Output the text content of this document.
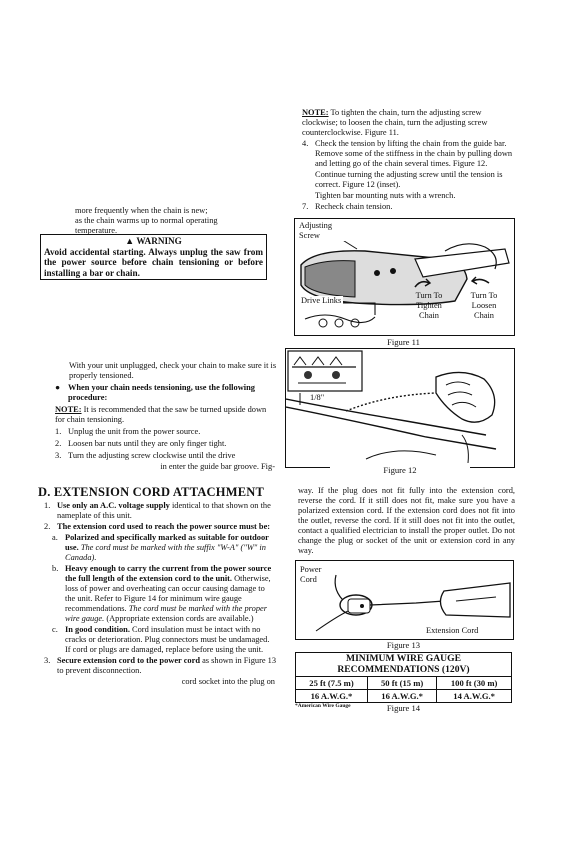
more frequently when the chain is new;
as the chain warms up to normal operating
temperature.
▲ WARNING
Avoid accidental starting. Always unplug the saw from the power source before chain tensioning or before installing a bar or chain.

With your unit unplugged, check your chain to make sure it is properly tensioned.

● When your chain needs tensioning, use the following procedure:

NOTE: It is recommended that the saw be turned upside down for chain tensioning.

1. Unplug the unit from the power source.
2. Loosen bar nuts until they are only finger tight.
3. Turn the adjusting screw clockwise until the drive
in enter the guide bar groove. Fig-
D. EXTENSION CORD ATTACHMENT
1. Use only an A.C. voltage supply identical to that shown on the nameplate of this unit.
2. The extension cord used to reach the power source must be:
a. Polarized and specifically marked as suitable for outdoor use. The cord must be marked with the suffix "W-A" ("W" in Canada).
b. Heavy enough to carry the current from the power source the full length of the extension cord to the unit. Otherwise, loss of power and overheating can occur causing damage to the unit. Refer to Figure 14 for minimum wire gauge recommendations. The cord must be marked with the proper wire gauge. (Appropriate extension cords are available.)
c. In good condition. Cord insulation must be intact with no cracks or deterioration. Plug connectors must be undamaged. If cord or plugs are damaged, replace before using the unit.
3. Secure extension cord to the power cord as shown in Figure 13 to prevent disconnection.
cord socket into the plug on

NOTE: To tighten the chain, turn the adjusting screw clockwise; to loosen the chain, turn the adjusting screw counterclockwise. Figure 11.

4. Check the tension by lifting the chain from the guide bar. Remove some of the stiffness in the chain by pulling down and letting go of the chain several times. Figure 12.
Continue turning the adjusting screw until the tension is correct. Figure 12 (inset).
Tighten bar mounting nuts with a wrench.
7. Recheck chain tension.
Adjusting Screw
Drive Links
Turn To Tighten Chain
Turn To Loosen Chain
Figure 11
1/8"
Figure 12
way. If the plug does not fit fully into the extension cord, reverse the cord. If it still does not fit, make sure you have a polarized extension cord. If the extension cord does not fit into the outlet, reverse the cord. If it still does not fit into the outlet, contact a qualified electrician to install the proper outlet. Do not change the plug or socket of the unit or extension cord in any way.
Power Cord
Extension Cord
Figure 13
MINIMUM WIRE GAUGE RECOMMENDATIONS (120V)		
25 ft (7.5 m)	50 ft (15 m)	100 ft (30 m)
16 A.W.G.*	16 A.W.G.*	14 A.W.G.*
*American Wire Gauge	Figure 14
